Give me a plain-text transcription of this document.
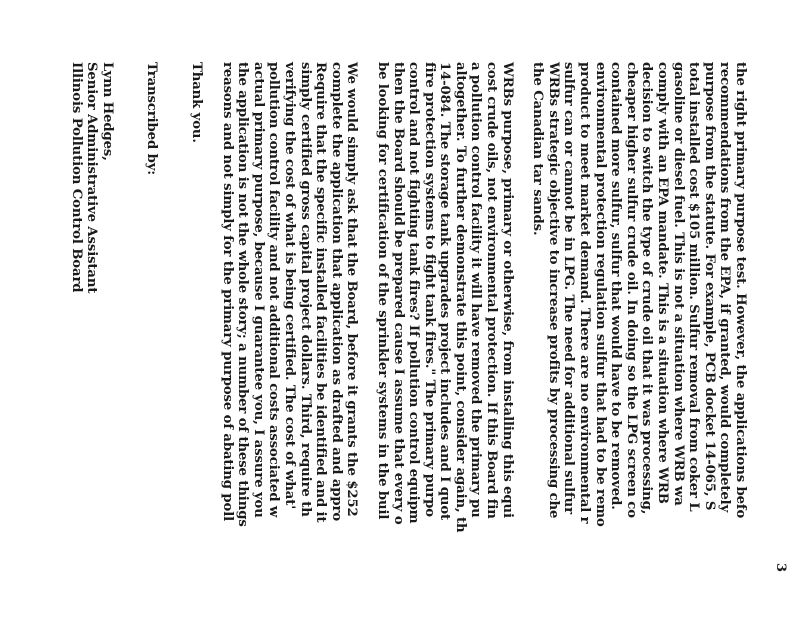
3

the right primary purpose test. However, the applications befo
recommendations from the EPA, if granted, would completely
purpose from the statute. For example, PCB docket 14-065, S
total installed cost $105 million. Sulfur removal from coker L
gasoline or diesel fuel. This is not a situation where WRB wa
comply with an EPA mandate. This is a situation where WRB
decision to switch the type of crude oil that it was processing,
cheaper higher sulfur crude oil. In doing so the LPG screen co
contained more sulfur, sulfur that would have to be removed.
environmental protection regulation sulfur that had to be remo
product to meet market demand. There are no environmental r
sulfur can or cannot be in LPG. The need for additional sulfur
WRBs strategic objective to increase profits by processing che
the Canadian tar sands.

WRBs purpose, primary or otherwise, from installing this equi
cost crude oils, not environmental protection. If this Board fin
a pollution control facility it will have removed the primary pu
altogether. To further demonstrate this point, consider again, th
14-084. The storage tank upgrades project includes and I quot
fire protection systems to fight tank fires." The primary purpo
control and not fighting tank fires? If pollution control equipm
then the Board should be prepared cause I assume that every o
be looking for certification of the sprinkler systems in the buil

We would simply ask that the Board, before it grants the $252
complete the application that application as drafted and appro
Require that the specific installed facilities be identified and it
simply certified gross capital project dollars. Third, require th
verifying the cost of what is being certified. The cost of what'
pollution control facility and not additional costs associated w
actual primary purpose, because I guarantee you, I assure you
the application is not the whole story; a number of these things
reasons and not simply for the primary purpose of abating poll

Thank you.

Transcribed by:

Lynn Hedges,
Senior Administrative Assistant
Illinois Pollution Control Board
